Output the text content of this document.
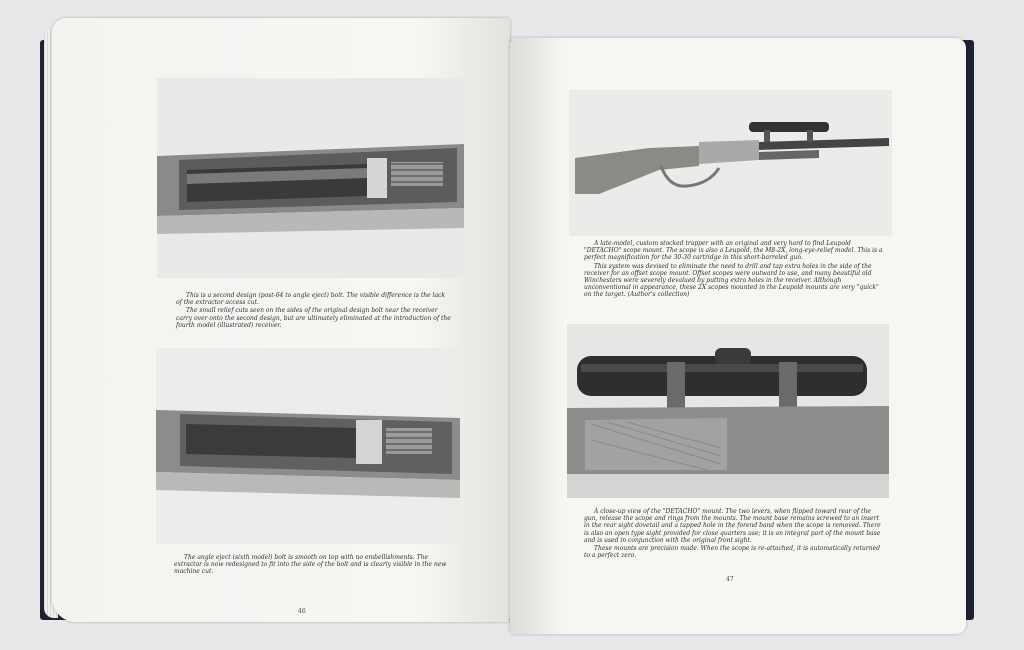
This is a second design (post-64 to angle eject) bolt. The visible difference is the lack of the extractor access cut.

The small relief cuts seen on the sides of the original design bolt near the receiver carry over onto the second design, but are ultimately eliminated at the introduction of the fourth model (illustrated) receiver.

The angle eject (sixth model) bolt is smooth on top with no embellishments. The extractor is now redesigned to fit into the side of the bolt and is clearly visible in the new machine cut.

46

A late-model, custom stocked trapper with an original and very hard to find Leupold "DETACHO" scope mount. The scope is also a Leupold, the M8-2X, long-eye-relief model. This is a perfect magnification for the 30-30 cartridge in this short-barreled gun.

This system was devised to eliminate the need to drill and tap extra holes in the side of the receiver for an offset scope mount. Offset scopes were outward to use, and many beautiful old Winchesters were severely devalued by putting extra holes in the receiver. Although unconventional in appearance, these 2X scopes mounted in the Leupold mounts are very "quick" on the target. (Author's collection)

A close-up view of the "DETACHO" mount. The two levers, when flipped toward rear of the gun, release the scope and rings from the mounts. The mount base remains screwed to an insert in the rear sight dovetail and a tapped hole in the forend band when the scope is removed. There is also an open type sight provided for close quarters use; it is an integral part of the mount base and is used in conjunction with the original front sight.

These mounts are precision made. When the scope is re-attached, it is automatically returned to a perfect zero.

47
